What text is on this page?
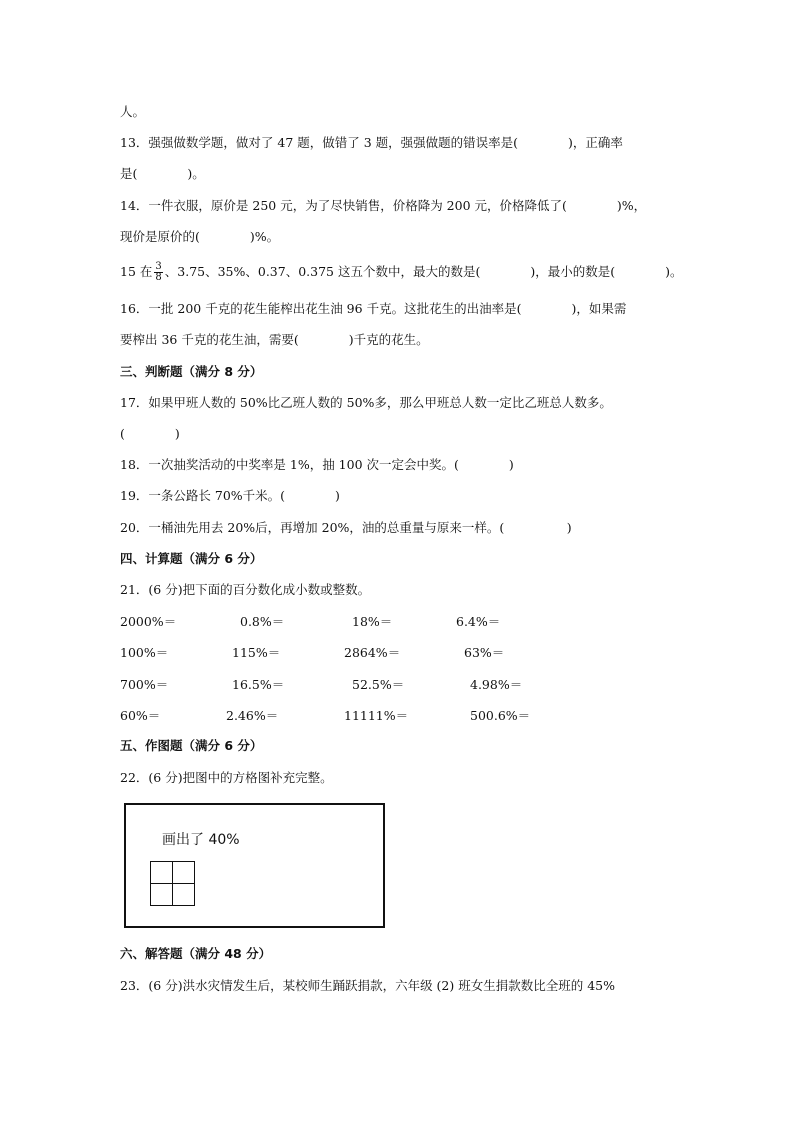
人。
13．强强做数学题，做对了 47 题，做错了 3 题，强强做题的错误率是(　　　　)，正确率
是(　　　　)。
14．一件衣服，原价是 250 元，为了尽快销售，价格降为 200 元，价格降低了(　　　　)%，
现价是原价的(　　　　)%。
15 在 $\frac{3}{8}$ 、3.75、35%、0.37、0.375 这五个数中，最大的数是(　　　　)，最小的数是(　　　　)。
16．一批 200 千克的花生能榨出花生油 96 千克。这批花生的出油率是(　　　　)，如果需
要榨出 36 千克的花生油，需要(　　　　)千克的花生。
三、判断题（满分 8 分）
17．如果甲班人数的 50%比乙班人数的 50%多，那么甲班总人数一定比乙班总人数多。
(　　　　)
18．一次抽奖活动的中奖率是 1%，抽 100 次一定会中奖。(　　　　)
19．一条公路长 70%千米。(　　　　)
20．一桶油先用去 20%后，再增加 20%，油的总重量与原来一样。(　　　　　)
四、计算题（满分 6 分）
21．(6 分)把下面的百分数化成小数或整数。
2000%＝	0.8%＝	18%＝	6.4%＝
100%＝	115%＝	2864%＝	63%＝
700%＝	16.5%＝	52.5%＝	4.98%＝
60%＝	2.46%＝	11111%＝	500.6%＝
五、作图题（满分 6 分）
22．(6 分)把图中的方格图补充完整。
画出了 40%
六、解答题（满分 48 分）
23．(6 分)洪水灾情发生后，某校师生踊跃捐款，六年级 (2) 班女生捐款数比全班的 45%
